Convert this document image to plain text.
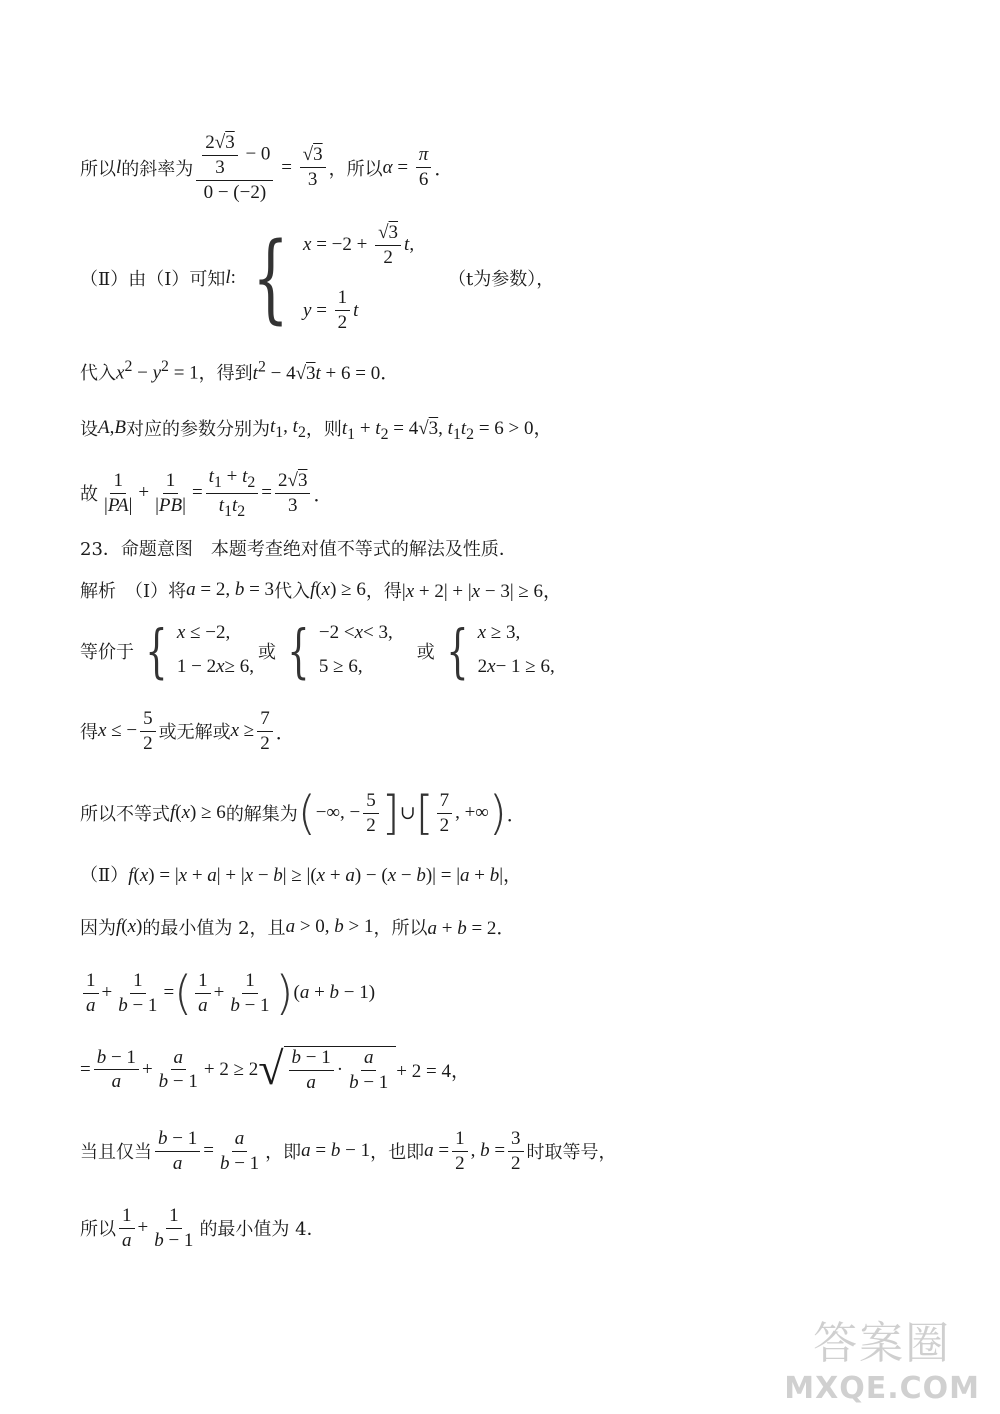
所以 l 的斜率为 $\frac{\frac{2√3}{3} - 0}{0 - (-2)} = \frac{√3}{3}$ ，所以 $\alpha = \frac{\pi}{6}$ ．
（Ⅱ）由（Ⅰ）可知 l : { $x = -2 + \frac{√3}{2}$ t ,
$y = \frac{1}{2}$ t
（t为参数），
代入 $x^2 - y^2 = 1$ ，得到 $t^2 - 4√3t + 6 = 0$．
设 A , B 对应的参数分别为 $t_1$, $t_2$ ，则 $t_1 + t_2 = 4√3$, $t_1t_2 = 6 > 0$，
故 $\frac{1}{|PA|} + \frac{1}{|PB|} = \frac{t_1 + t_2}{t_1t_2} = \frac{2√3}{3}$ ．
23．命题意图　本题考查绝对值不等式的解法及性质．
解析　（Ⅰ）将 a = 2, b = 3 代入 f(x) ≥ 6 ，得 |x + 2| + |x − 3| ≥ 6，
等价于 { x ≤ −2,
1 − 2 x ≥ 6,
或 { −2 < x < 3,
5 ≥ 6,
或 { x ≥ 3,
2 x − 1 ≥ 6,
得 x ≤ − $\frac{5}{2}$ 或无解或 $x \ge \frac{7}{2}$ ．
所以不等式 f(x) ≥ 6 的解集为 ( −∞, − $\frac{5}{2}$ ] ∪ [ $\frac{7}{2}$ , +∞ ) ．
（Ⅱ） f(x) = |x + a| + |x − b| ≥ |(x + a) − (x − b)| = |a + b|，
因为 f(x) 的最小值为 2，且 a > 0, b > 1 ，所以 a + b = 2．
$\frac{1}{a} + \frac{1}{b - 1}$ = ( $\frac{1}{a} + \frac{1}{b - 1}$ ) (a + b − 1)
= $\frac{b - 1}{a} + \frac{a}{b - 1} + 2 \ge 2$ √ $\frac{b - 1}{a} \cdot \frac{a}{b - 1} + 2 = 4$，
当且仅当 $\frac{b - 1}{a} = \frac{a}{b - 1}$ ，即 a = b − 1 ，也即 $a = \frac{1}{2}$ , $b = \frac{3}{2}$ 时取等号，
所以 $\frac{1}{a} + \frac{1}{b - 1}$ 的最小值为 4．
答案圈
MXQE.COM
